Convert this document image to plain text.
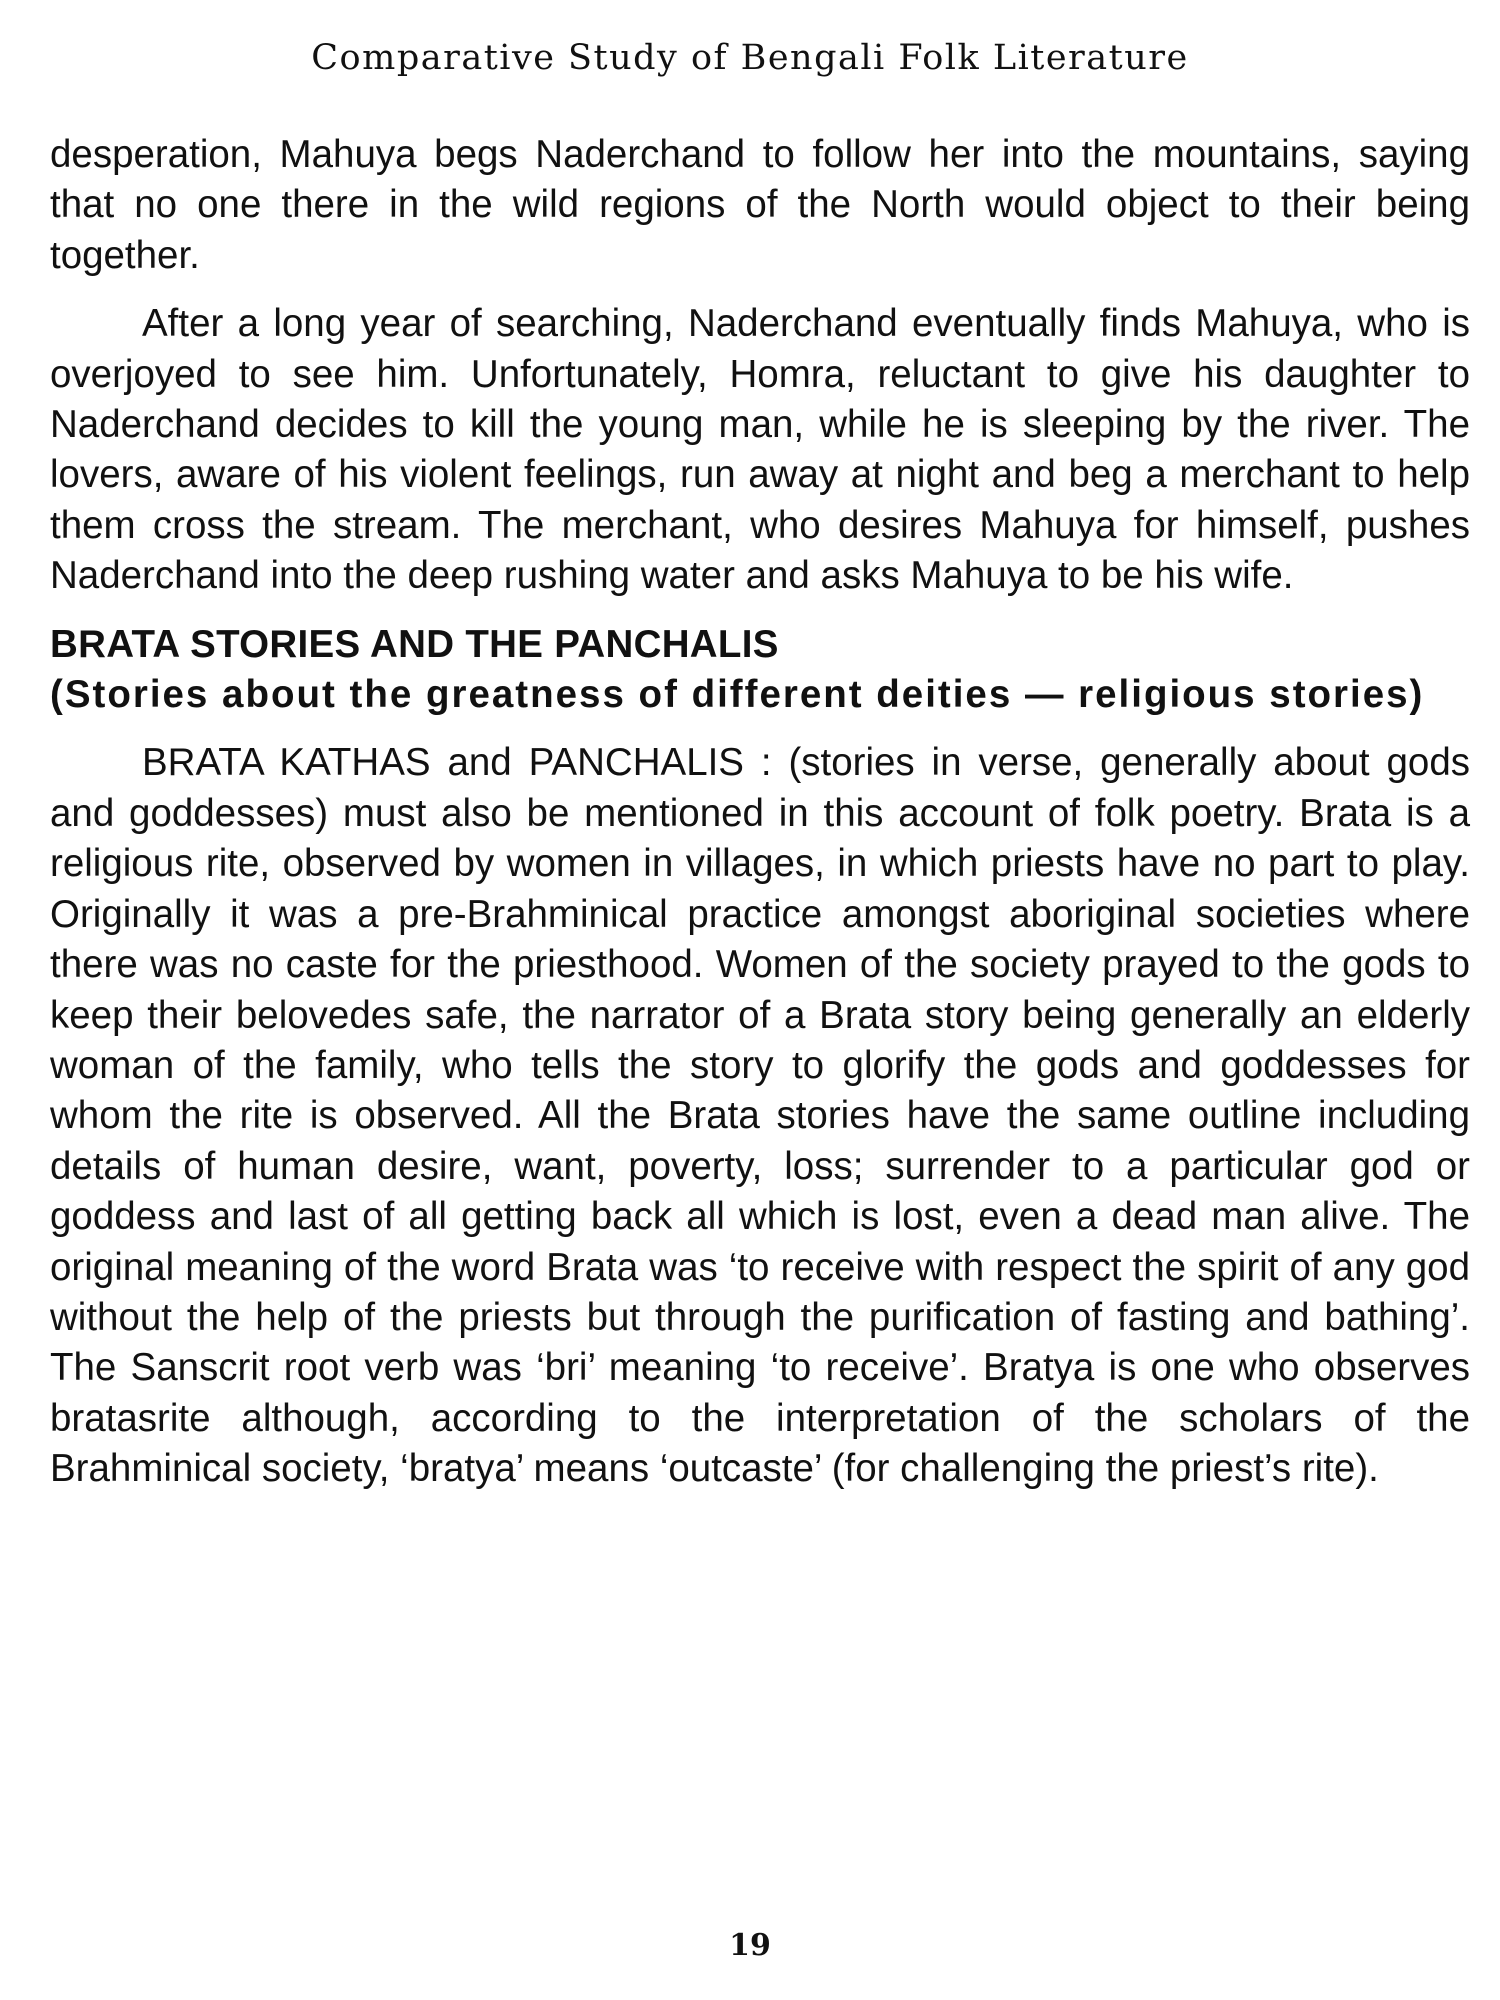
Comparative Study of Bengali Folk Literature

desperation, Mahuya begs Naderchand to follow her into the mountains, saying that no one there in the wild regions of the North would object to their being together.

After a long year of searching, Naderchand eventually finds Mahuya, who is overjoyed to see him. Unfortunately, Homra, reluctant to give his daughter to Naderchand decides to kill the young man, while he is sleeping by the river. The lovers, aware of his violent feelings, run away at night and beg a merchant to help them cross the stream. The merchant, who desires Mahuya for himself, pushes Naderchand into the deep rushing water and asks Mahuya to be his wife.

BRATA STORIES AND THE PANCHALIS
(Stories about the greatness of different deities — religious stories)

BRATA KATHAS and PANCHALIS : (stories in verse, generally about gods and goddesses) must also be mentioned in this account of folk poetry. Brata is a religious rite, observed by women in villages, in which priests have no part to play. Originally it was a pre-Brahminical practice amongst aboriginal societies where there was no caste for the priesthood. Women of the society prayed to the gods to keep their belovedes safe, the narrator of a Brata story being generally an elderly woman of the family, who tells the story to glorify the gods and goddesses for whom the rite is observed. All the Brata stories have the same outline including details of human desire, want, poverty, loss; surrender to a particular god or goddess and last of all getting back all which is lost, even a dead man alive. The original meaning of the word Brata was ‘to receive with respect the spirit of any god without the help of the priests but through the purification of fasting and bathing’. The Sanscrit root verb was ‘bri’ meaning ‘to receive’. Bratya is one who observes bratasrite although, according to the interpretation of the scholars of the Brahminical society, ‘bratya’ means ‘outcaste’ (for challenging the priest’s rite).

19
